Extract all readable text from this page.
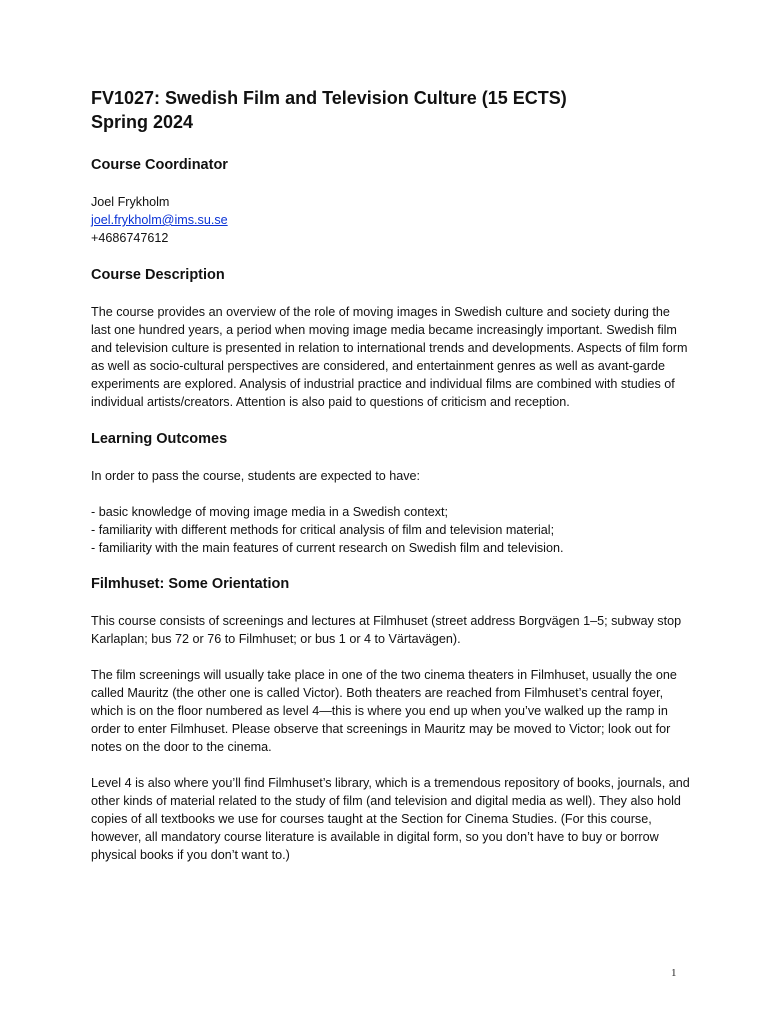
FV1027: Swedish Film and Television Culture (15 ECTS)
Spring 2024
Course Coordinator
Joel Frykholm
joel.frykholm@ims.su.se
+4686747612
Course Description

The course provides an overview of the role of moving images in Swedish culture and society during the last one hundred years, a period when moving image media became increasingly important. Swedish film and television culture is presented in relation to international trends and developments. Aspects of film form as well as socio-cultural perspectives are considered, and entertainment genres as well as avant-garde experiments are explored. Analysis of industrial practice and individual films are combined with studies of individual artists/creators. Attention is also paid to questions of criticism and reception.

Learning Outcomes

In order to pass the course, students are expected to have:

- basic knowledge of moving image media in a Swedish context;
- familiarity with different methods for critical analysis of film and television material;
- familiarity with the main features of current research on Swedish film and television.
Filmhuset: Some Orientation

This course consists of screenings and lectures at Filmhuset (street address Borgvägen 1–5; subway stop Karlaplan; bus 72 or 76 to Filmhuset; or bus 1 or 4 to Värtavägen).

The film screenings will usually take place in one of the two cinema theaters in Filmhuset, usually the one called Mauritz (the other one is called Victor). Both theaters are reached from Filmhuset’s central foyer, which is on the floor numbered as level 4—this is where you end up when you’ve walked up the ramp in order to enter Filmhuset. Please observe that screenings in Mauritz may be moved to Victor; look out for notes on the door to the cinema.

Level 4 is also where you’ll find Filmhuset’s library, which is a tremendous repository of books, journals, and other kinds of material related to the study of film (and television and digital media as well). They also hold copies of all textbooks we use for courses taught at the Section for Cinema Studies. (For this course, however, all mandatory course literature is available in digital form, so you don’t have to buy or borrow physical books if you don’t want to.)

1
